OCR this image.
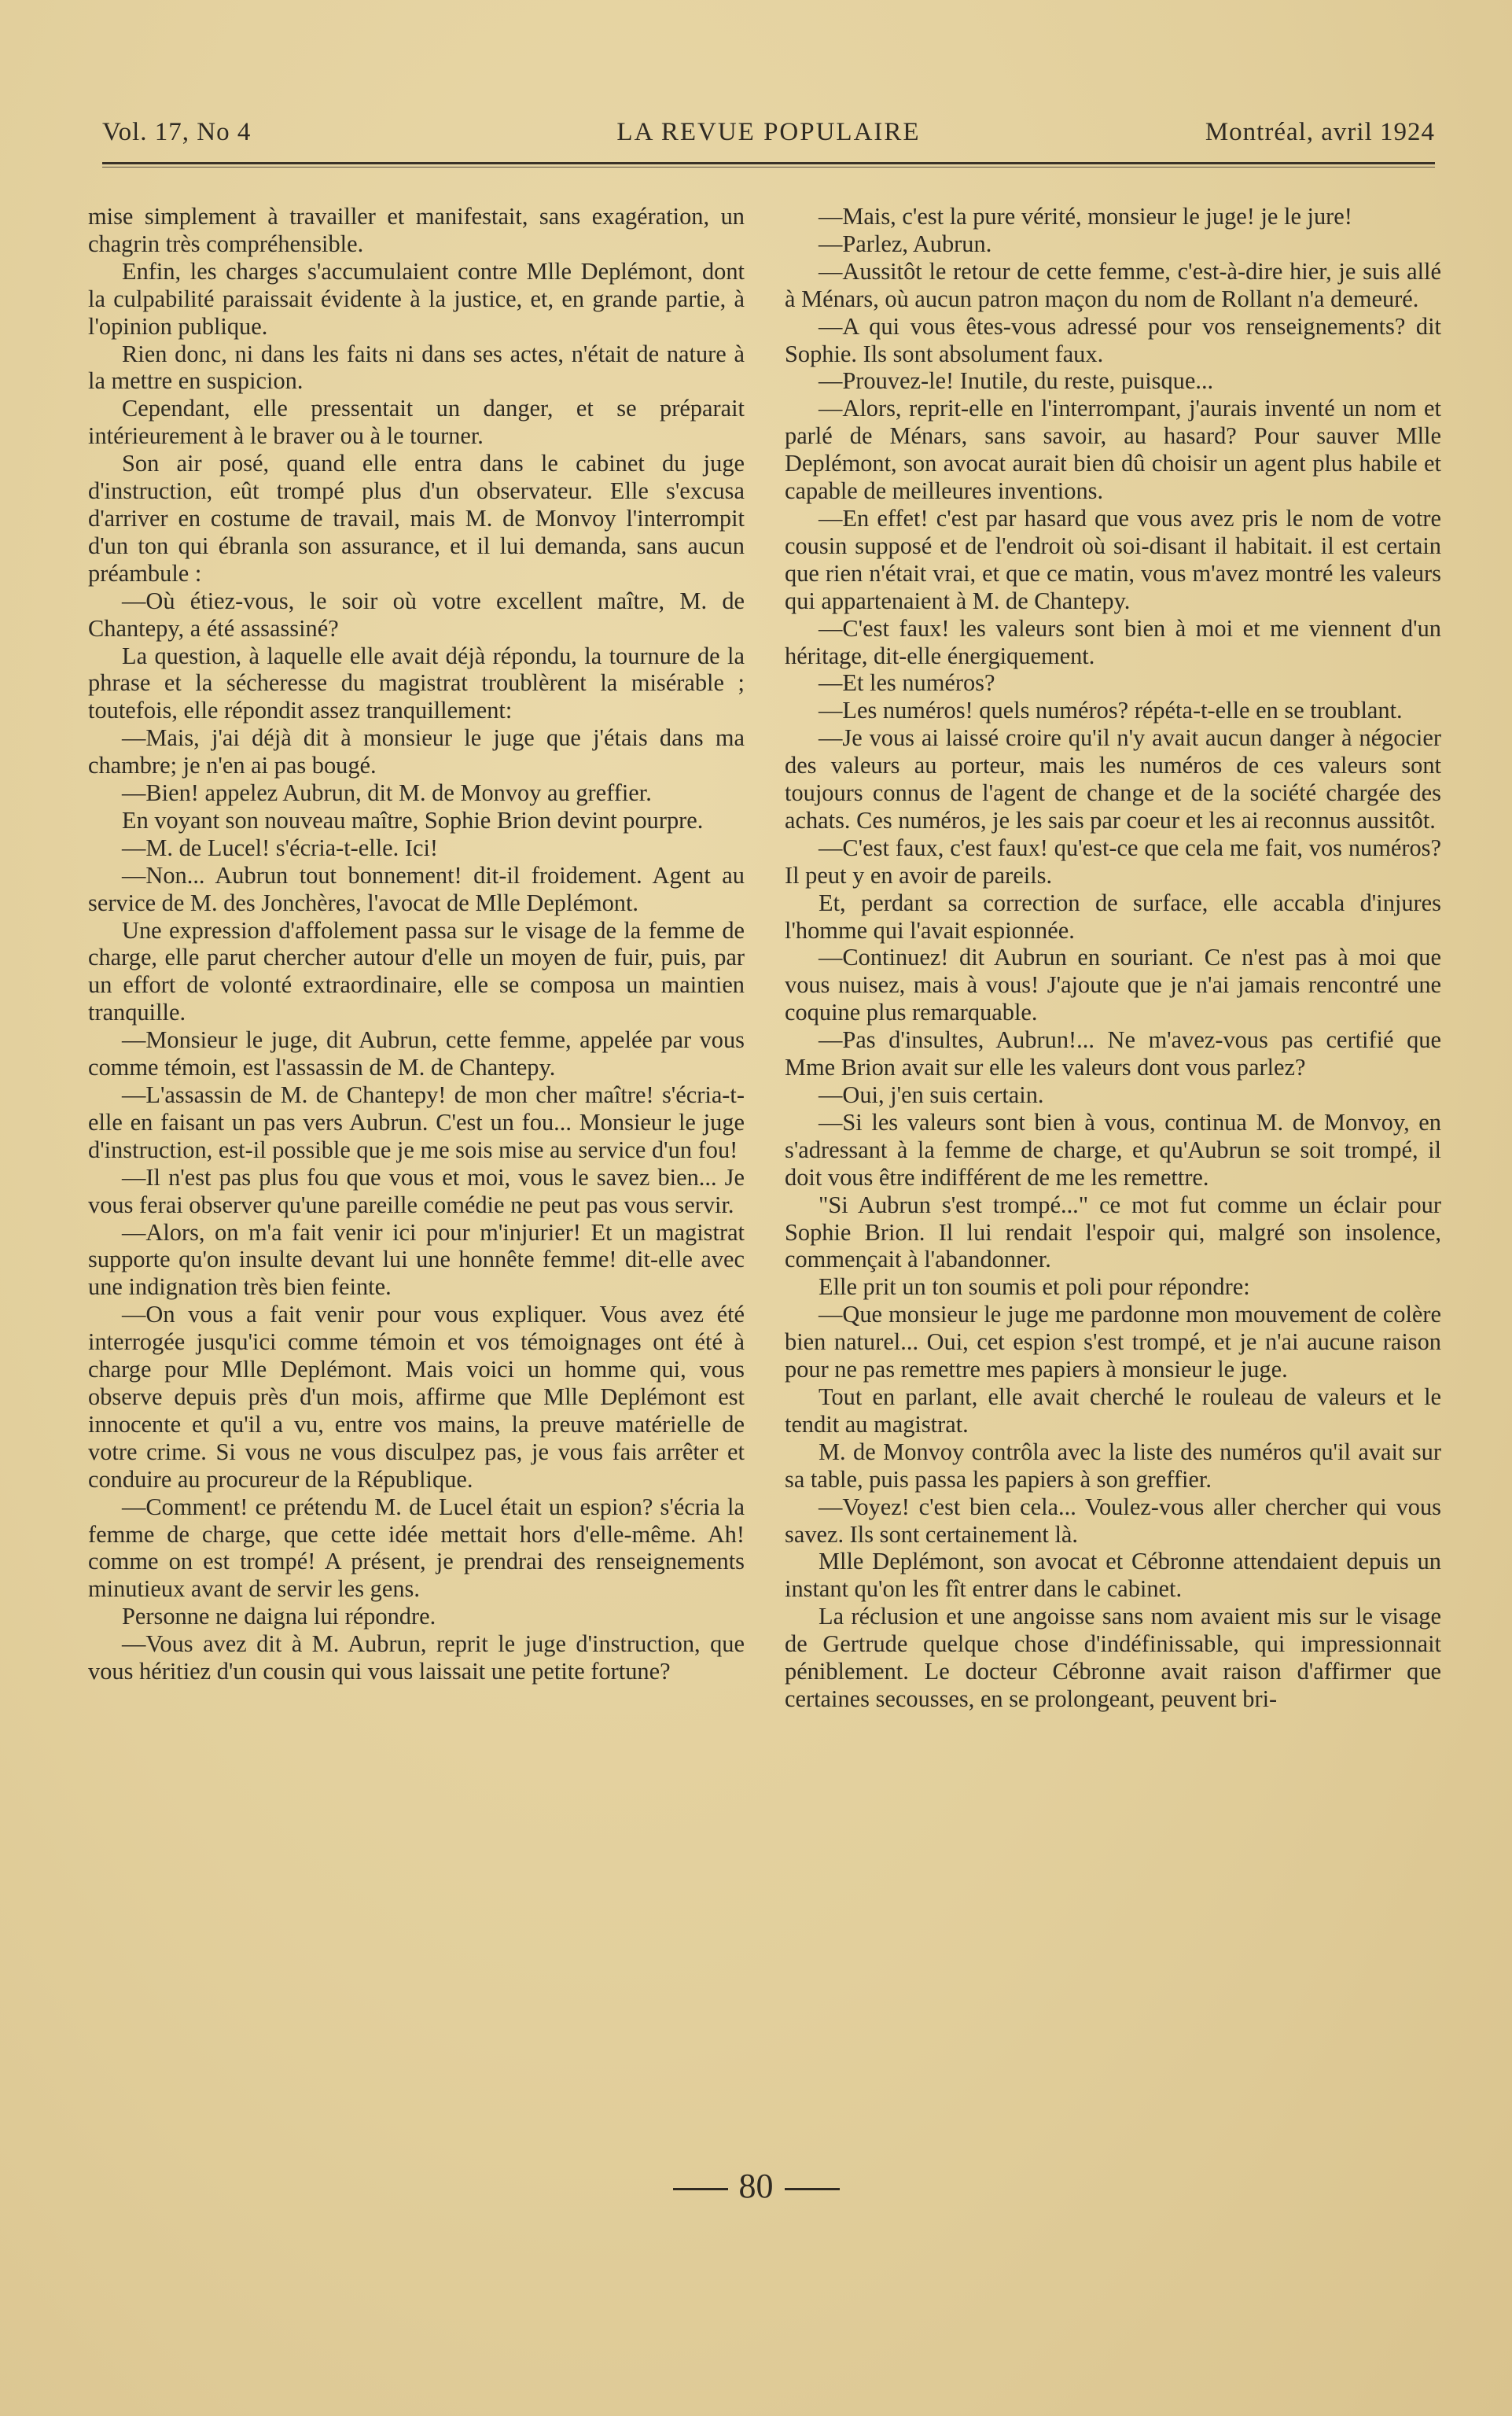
Vol. 17, No 4	LA REVUE POPULAIRE	Montréal, avril 1924

mise simplement à travailler et manifestait, sans exagération, un chagrin très compréhensible.

Enfin, les charges s'accumulaient contre Mlle Deplémont, dont la culpabilité paraissait évidente à la justice, et, en grande partie, à l'opinion publique.

Rien donc, ni dans les faits ni dans ses actes, n'était de nature à la mettre en suspicion.

Cependant, elle pressentait un danger, et se préparait intérieurement à le braver ou à le tourner.

Son air posé, quand elle entra dans le cabinet du juge d'instruction, eût trompé plus d'un observateur. Elle s'excusa d'arriver en costume de travail, mais M. de Monvoy l'interrompit d'un ton qui ébranla son assurance, et il lui demanda, sans aucun préambule :

—Où étiez-vous, le soir où votre excellent maître, M. de Chantepy, a été assassiné?

La question, à laquelle elle avait déjà répondu, la tournure de la phrase et la sécheresse du magistrat troublèrent la misérable ; toutefois, elle répondit assez tranquillement:

—Mais, j'ai déjà dit à monsieur le juge que j'étais dans ma chambre; je n'en ai pas bougé.

—Bien! appelez Aubrun, dit M. de Monvoy au greffier.

En voyant son nouveau maître, Sophie Brion devint pourpre.

—M. de Lucel! s'écria-t-elle. Ici!

—Non... Aubrun tout bonnement! dit-il froidement. Agent au service de M. des Jonchères, l'avocat de Mlle Deplémont.

Une expression d'affolement passa sur le visage de la femme de charge, elle parut chercher autour d'elle un moyen de fuir, puis, par un effort de volonté extraordinaire, elle se composa un maintien tranquille.

—Monsieur le juge, dit Aubrun, cette femme, appelée par vous comme témoin, est l'assassin de M. de Chantepy.

—L'assassin de M. de Chantepy! de mon cher maître! s'écria-t-elle en faisant un pas vers Aubrun. C'est un fou... Monsieur le juge d'instruction, est-il possible que je me sois mise au service d'un fou!

—Il n'est pas plus fou que vous et moi, vous le savez bien... Je vous ferai observer qu'une pareille comédie ne peut pas vous servir.

—Alors, on m'a fait venir ici pour m'injurier! Et un magistrat supporte qu'on insulte devant lui une honnête femme! dit-elle avec une indignation très bien feinte.

—On vous a fait venir pour vous expliquer. Vous avez été interrogée jusqu'ici comme témoin et vos témoignages ont été à charge pour Mlle Deplémont. Mais voici un homme qui, vous observe depuis près d'un mois, affirme que Mlle Deplémont est innocente et qu'il a vu, entre vos mains, la preuve matérielle de votre crime. Si vous ne vous disculpez pas, je vous fais arrêter et conduire au procureur de la République.

—Comment! ce prétendu M. de Lucel était un espion? s'écria la femme de charge, que cette idée mettait hors d'elle-même. Ah! comme on est trompé! A présent, je prendrai des renseignements minutieux avant de servir les gens.

Personne ne daigna lui répondre.

—Vous avez dit à M. Aubrun, reprit le juge d'instruction, que vous héritiez d'un cousin qui vous laissait une petite fortune?

—Mais, c'est la pure vérité, monsieur le juge! je le jure!

—Parlez, Aubrun.

—Aussitôt le retour de cette femme, c'est-à-dire hier, je suis allé à Ménars, où aucun patron maçon du nom de Rollant n'a demeuré.

—A qui vous êtes-vous adressé pour vos renseignements? dit Sophie. Ils sont absolument faux.

—Prouvez-le! Inutile, du reste, puisque...

—Alors, reprit-elle en l'interrompant, j'aurais inventé un nom et parlé de Ménars, sans savoir, au hasard? Pour sauver Mlle Deplémont, son avocat aurait bien dû choisir un agent plus habile et capable de meilleures inventions.

—En effet! c'est par hasard que vous avez pris le nom de votre cousin supposé et de l'endroit où soi-disant il habitait. il est certain que rien n'était vrai, et que ce matin, vous m'avez montré les valeurs qui appartenaient à M. de Chantepy.

—C'est faux! les valeurs sont bien à moi et me viennent d'un héritage, dit-elle énergiquement.

—Et les numéros?

—Les numéros! quels numéros? répéta-t-elle en se troublant.

—Je vous ai laissé croire qu'il n'y avait aucun danger à négocier des valeurs au porteur, mais les numéros de ces valeurs sont toujours connus de l'agent de change et de la société chargée des achats. Ces numéros, je les sais par coeur et les ai reconnus aussitôt.

—C'est faux, c'est faux! qu'est-ce que cela me fait, vos numéros? Il peut y en avoir de pareils.

Et, perdant sa correction de surface, elle accabla d'injures l'homme qui l'avait espionnée.

—Continuez! dit Aubrun en souriant. Ce n'est pas à moi que vous nuisez, mais à vous! J'ajoute que je n'ai jamais rencontré une coquine plus remarquable.

—Pas d'insultes, Aubrun!... Ne m'avez-vous pas certifié que Mme Brion avait sur elle les valeurs dont vous parlez?

—Oui, j'en suis certain.

—Si les valeurs sont bien à vous, continua M. de Monvoy, en s'adressant à la femme de charge, et qu'Aubrun se soit trompé, il doit vous être indifférent de me les remettre.

"Si Aubrun s'est trompé..." ce mot fut comme un éclair pour Sophie Brion. Il lui rendait l'espoir qui, malgré son insolence, commençait à l'abandonner.

Elle prit un ton soumis et poli pour répondre:

—Que monsieur le juge me pardonne mon mouvement de colère bien naturel... Oui, cet espion s'est trompé, et je n'ai aucune raison pour ne pas remettre mes papiers à monsieur le juge.

Tout en parlant, elle avait cherché le rouleau de valeurs et le tendit au magistrat.

M. de Monvoy contrôla avec la liste des numéros qu'il avait sur sa table, puis passa les papiers à son greffier.

—Voyez! c'est bien cela... Voulez-vous aller chercher qui vous savez. Ils sont certainement là.

Mlle Deplémont, son avocat et Cébronne attendaient depuis un instant qu'on les fît entrer dans le cabinet.

La réclusion et une angoisse sans nom avaient mis sur le visage de Gertrude quelque chose d'indéfinissable, qui impressionnait péniblement. Le docteur Cébronne avait raison d'affirmer que certaines secousses, en se prolongeant, peuvent bri-

80
